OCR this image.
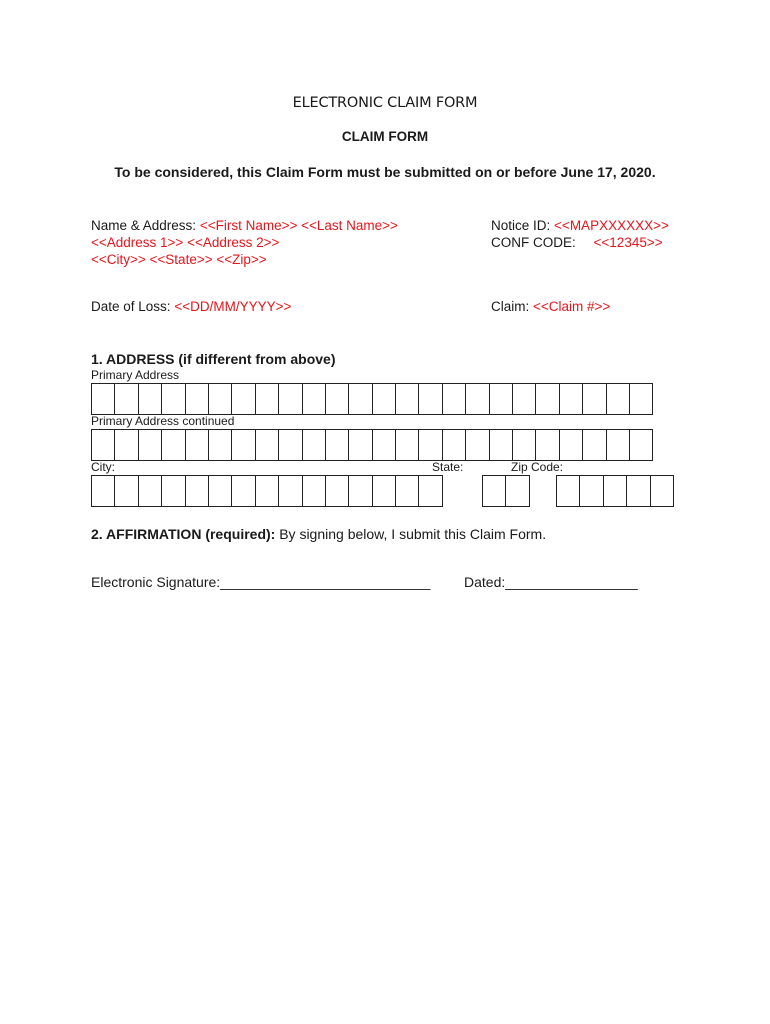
ELECTRONIC CLAIM FORM
CLAIM FORM
To be considered, this Claim Form must be submitted on or before June 17, 2020.
Name & Address: <<First Name>> <<Last Name>>
<<Address 1>> <<Address 2>>
<<City>> <<State>> <<Zip>>
Notice ID: <<MAPXXXXXX>>
CONF CODE: <<12345>>
Date of Loss: <<DD/MM/YYYY>>	Claim: <<Claim #>>
1. ADDRESS (if different from above)
Primary Address
Primary Address continued
City:	State:	Zip Code:
2. AFFIRMATION (required): By signing below, I submit this Claim Form.
Electronic Signature:___________________________ Dated:_________________
